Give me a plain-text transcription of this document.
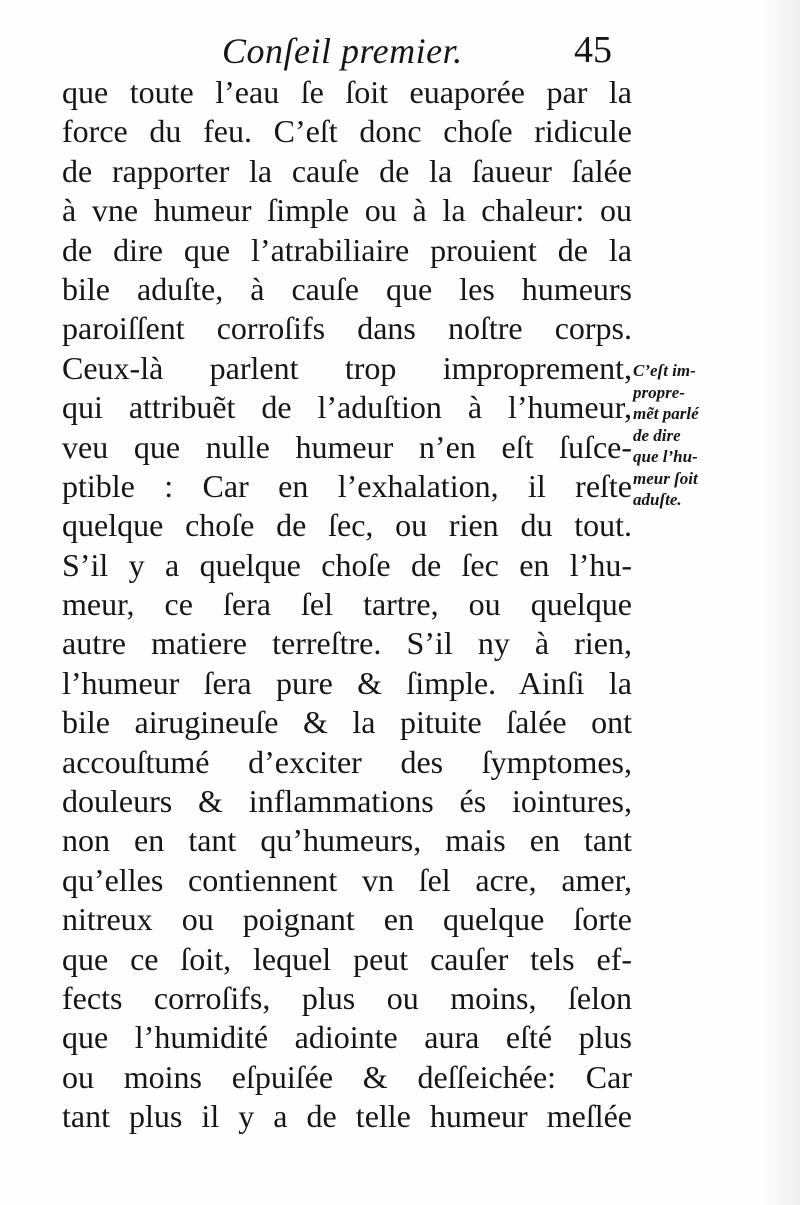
Conſeil premier.	45
que toute l’eau ſe ſoit euaporée par la
force du feu. C’eſt donc choſe ridicule
de rapporter la cauſe de la ſaueur ſalée
à vne humeur ſimple ou à la chaleur: ou
de dire que l’atrabiliaire prouient de la
bile aduſte, à cauſe que les humeurs
paroiſſent corroſifs dans noſtre corps.
Ceux-là parlent trop improprement,
qui attribuẽt de l’aduſtion à l’humeur,
veu que nulle humeur n’en eſt ſuſce-
ptible : Car en l’exhalation, il reſte
quelque choſe de ſec, ou rien du tout.
S’il y a quelque choſe de ſec en l’hu-
meur, ce ſera ſel tartre, ou quelque
autre matiere terreſtre. S’il ny à rien,
l’humeur ſera pure & ſimple. Ainſi la
bile airugineuſe & la pituite ſalée ont
accouſtumé d’exciter des ſymptomes,
douleurs & inflammations és iointures,
non en tant qu’humeurs, mais en tant
qu’elles contiennent vn ſel acre, amer,
nitreux ou poignant en quelque ſorte
que ce ſoit, lequel peut cauſer tels ef-
fects corroſifs, plus ou moins, ſelon
que l’humidité adiointe aura eſté plus
ou moins eſpuiſée & deſſeichée: Car
tant plus il y a de telle humeur meſlée
C’eſt im-
propre-
mẽt parlé
de dire
que l’hu-
meur ſoit
aduſte.
